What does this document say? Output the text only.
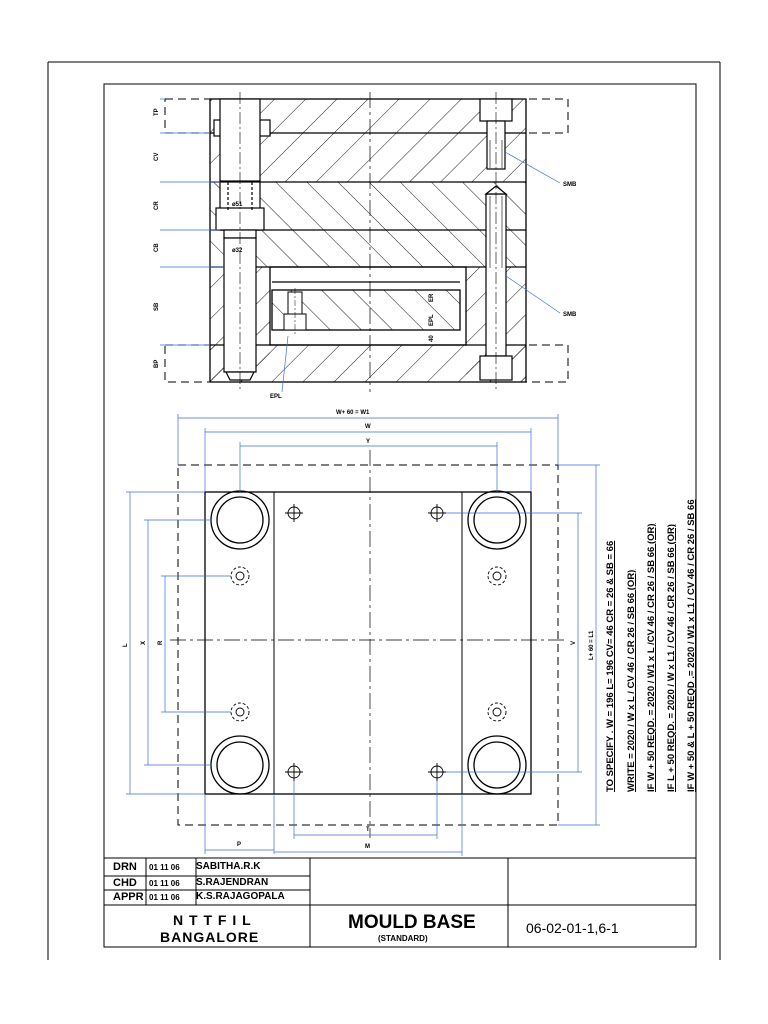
TP
CV
CR
CB
SB
BP
SMB
SMB
EPL
ø51
ø32
ER
EPL
40
W+ 60 = W1
W
Y
L
X R	V L+ 60 = L1
P
T
M
TO SPECIFY . W = 196 L= 196 CV= 46 CR = 26 & SB = 66 WRITE = 2020 / W x L / CV 46 / CR 26 / SB 66 (OR) IF W + 50 REQD. = 2020 / W1 x L /CV 46 / CR 26 / SB 66 (OR) IF L + 50 REQD. = 2020 / W x L1 / CV 46 / CR 26 / SB 66 (OR) IF W + 50 & L + 50 REQD .= 2020 / W1 x L1 / CV 46 / CR 26 / SB 66
DRN 01 11 06 SABITHA.R.K
CHD 01 11 06 S.RAJENDRAN
APPR 01 11 06 K.S.RAJAGOPALA
N T T F I L
BANGALORE
MOULD BASE
(STANDARD)
06-02-01-1,6-1
